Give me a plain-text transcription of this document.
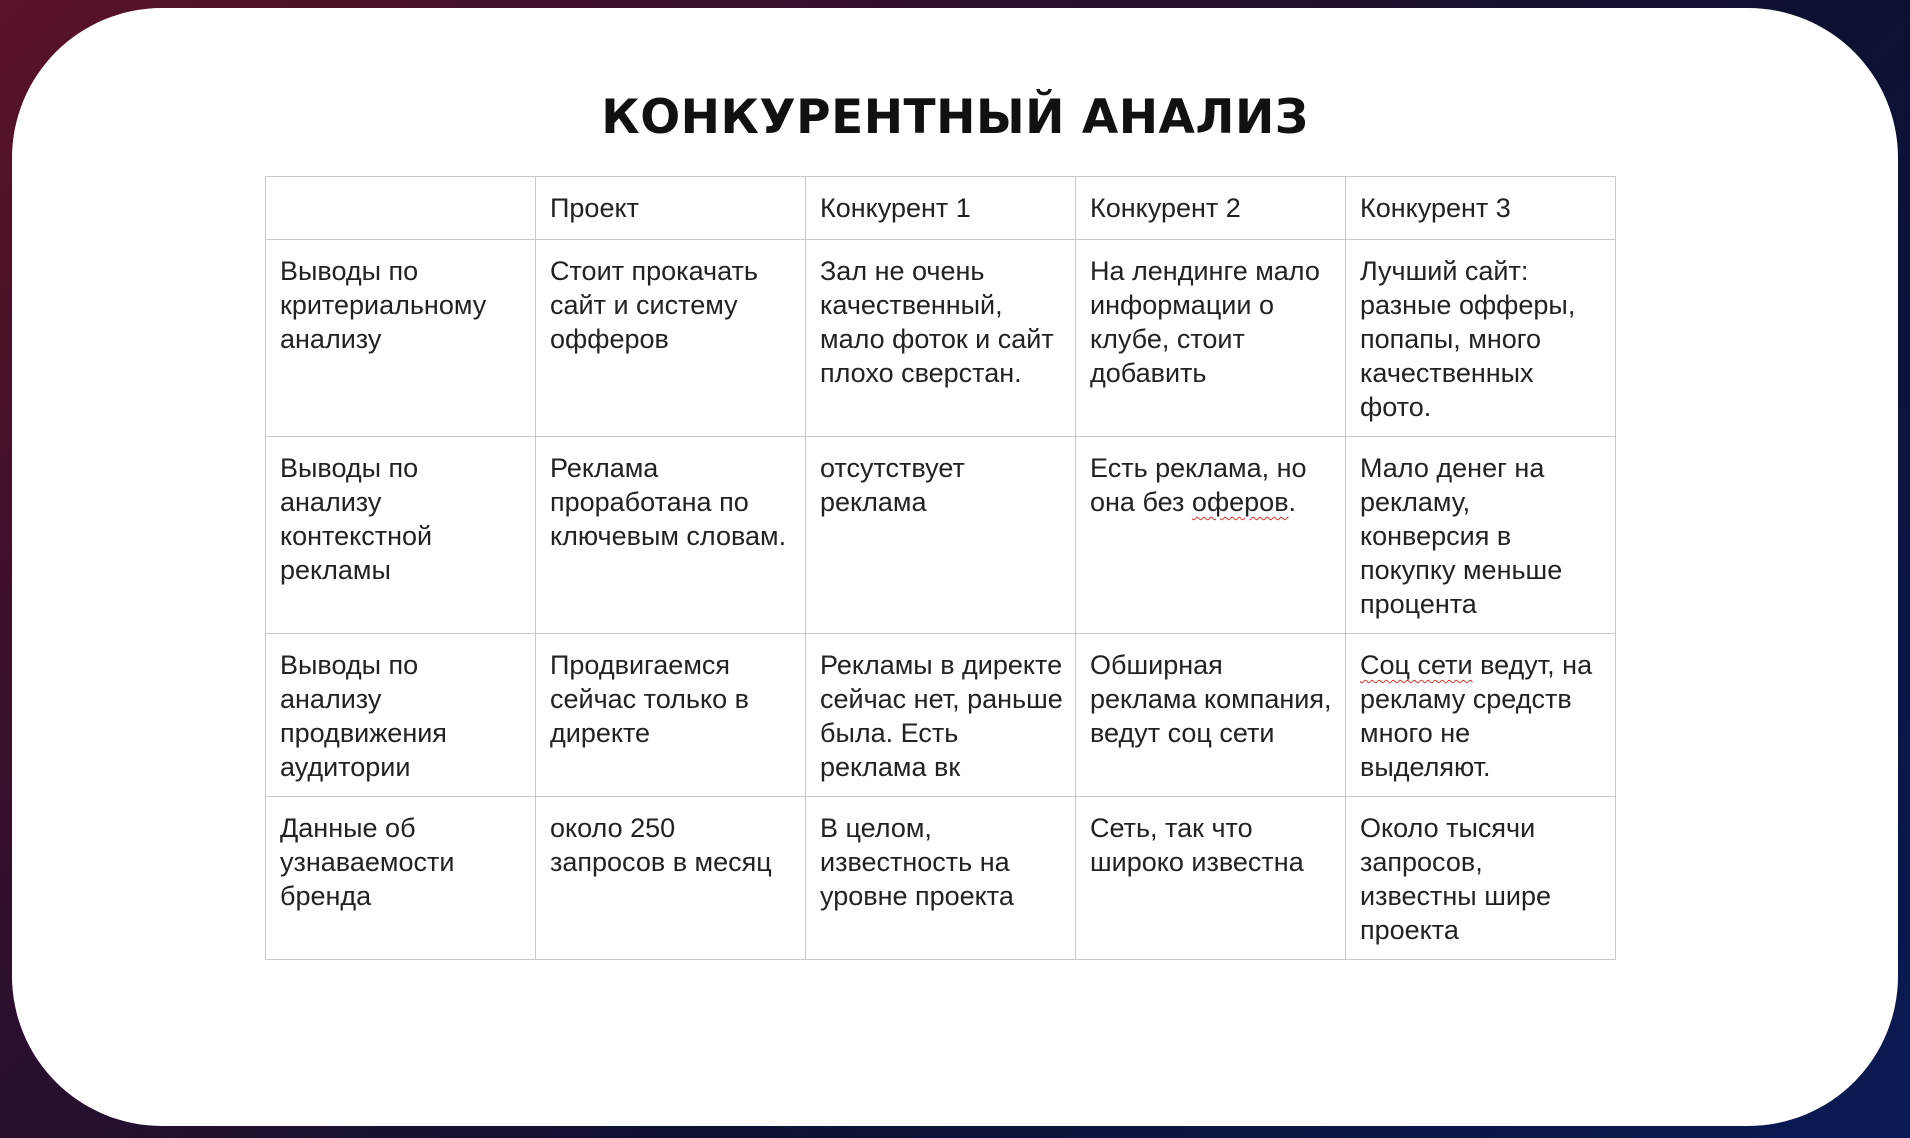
КОНКУРЕНТНЫЙ АНАЛИЗ
	Проект	Конкурент 1	Конкурент 2	Конкурент 3
Выводы по критериальному анализу	Стоит прокачать сайт и систему офферов	Зал не очень качественный, мало фоток и сайт плохо сверстан.	На лендинге мало информации о клубе, стоит добавить	Лучший сайт: разные офферы, попапы, много качественных фото.
Выводы по анализу контекстной рекламы	Реклама проработана по ключевым словам.	отсутствует реклама	Есть реклама, но она без оферов.	Мало денег на рекламу, конверсия в покупку меньше процента
Выводы по анализу продвижения аудитории	Продвигаемся сейчас только в директе	Рекламы в директе сейчас нет, раньше была. Есть реклама вк	Обширная реклама компания, ведут соц сети	Соц сети ведут, на рекламу средств много не выделяют.
Данные об узнаваемости бренда	около 250 запросов в месяц	В целом, известность на уровне проекта	Сеть, так что широко известна	Около тысячи запросов, известны шире проекта
